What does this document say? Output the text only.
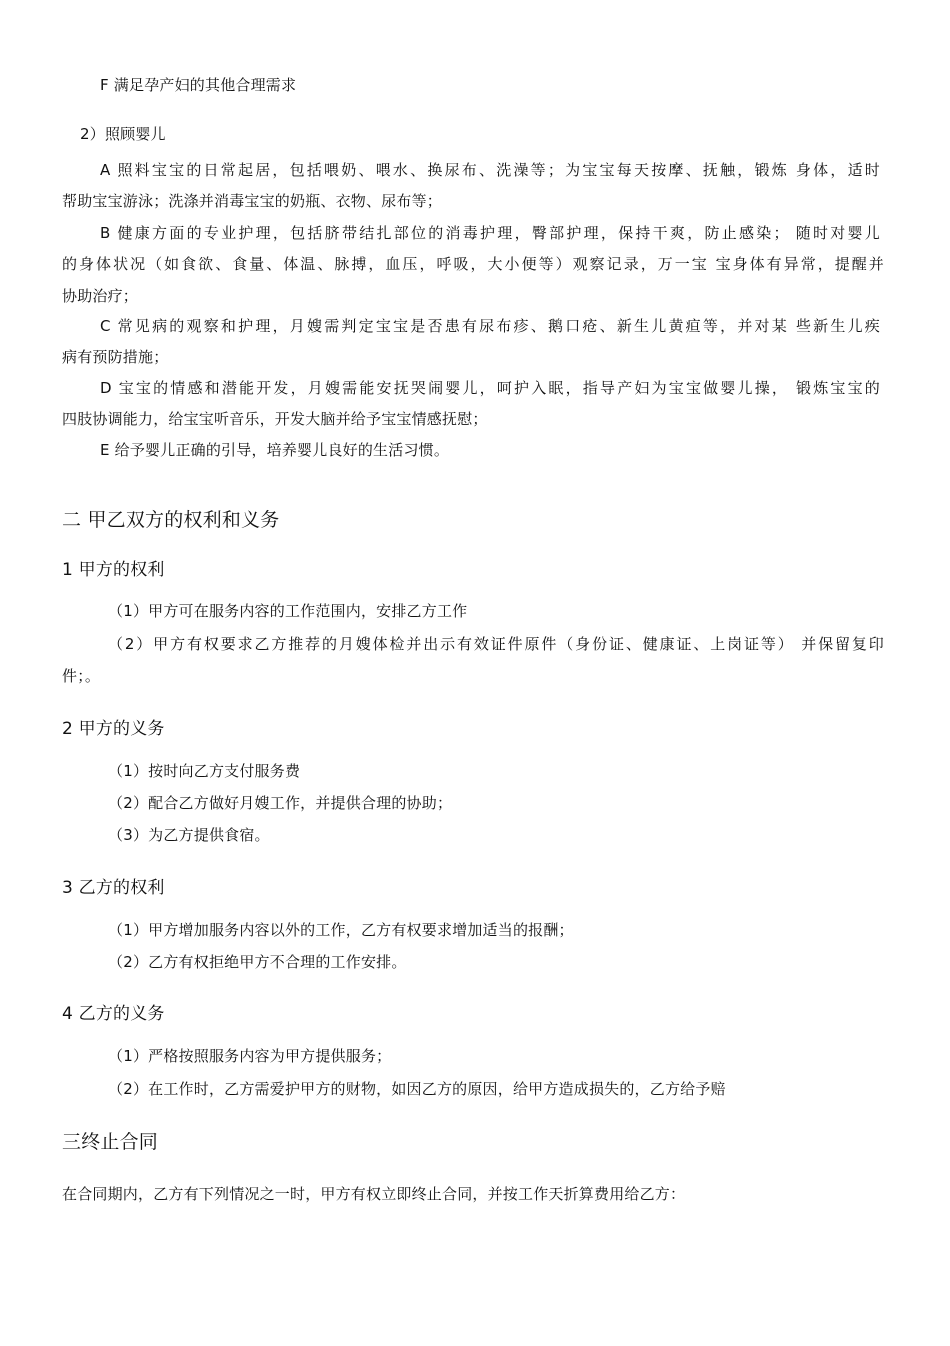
F 满足孕产妇的其他合理需求
2）照顾婴儿
A 照料宝宝的日常起居，包括喂奶、喂水、换尿布、洗澡等；为宝宝每天按摩、抚触，锻炼 身体，适时
帮助宝宝游泳；洗涤并消毒宝宝的奶瓶、衣物、尿布等；
B 健康方面的专业护理，包括脐带结扎部位的消毒护理，臀部护理，保持干爽，防止感染； 随时对婴儿
的身体状况（如食欲、食量、体温、脉搏，血压，呼吸，大小便等）观察记录，万一宝 宝身体有异常，提醒并
协助治疗；
C 常见病的观察和护理，月嫂需判定宝宝是否患有尿布疹、鹅口疮、新生儿黄疸等，并对某 些新生儿疾
病有预防措施；
D 宝宝的情感和潜能开发，月嫂需能安抚哭闹婴儿，呵护入眠，指导产妇为宝宝做婴儿操， 锻炼宝宝的
四肢协调能力，给宝宝听音乐，开发大脑并给予宝宝情感抚慰；
E 给予婴儿正确的引导，培养婴儿良好的生活习惯。
二 甲乙双方的权利和义务
1 甲方的权利
（1）甲方可在服务内容的工作范围内，安排乙方工作
（2）甲方有权要求乙方推荐的月嫂体检并出示有效证件原件（身份证、健康证、上岗证等） 并保留复印
件；。
2 甲方的义务
（1）按时向乙方支付服务费
（2）配合乙方做好月嫂工作，并提供合理的协助；
（3）为乙方提供食宿。
3 乙方的权利
（1）甲方增加服务内容以外的工作，乙方有权要求增加适当的报酬；
（2）乙方有权拒绝甲方不合理的工作安排。
4 乙方的义务
（1）严格按照服务内容为甲方提供服务；
（2）在工作时，乙方需爱护甲方的财物，如因乙方的原因，给甲方造成损失的，乙方给予赔
三终止合同
在合同期内，乙方有下列情况之一时，甲方有权立即终止合同，并按工作天折算费用给乙方：
